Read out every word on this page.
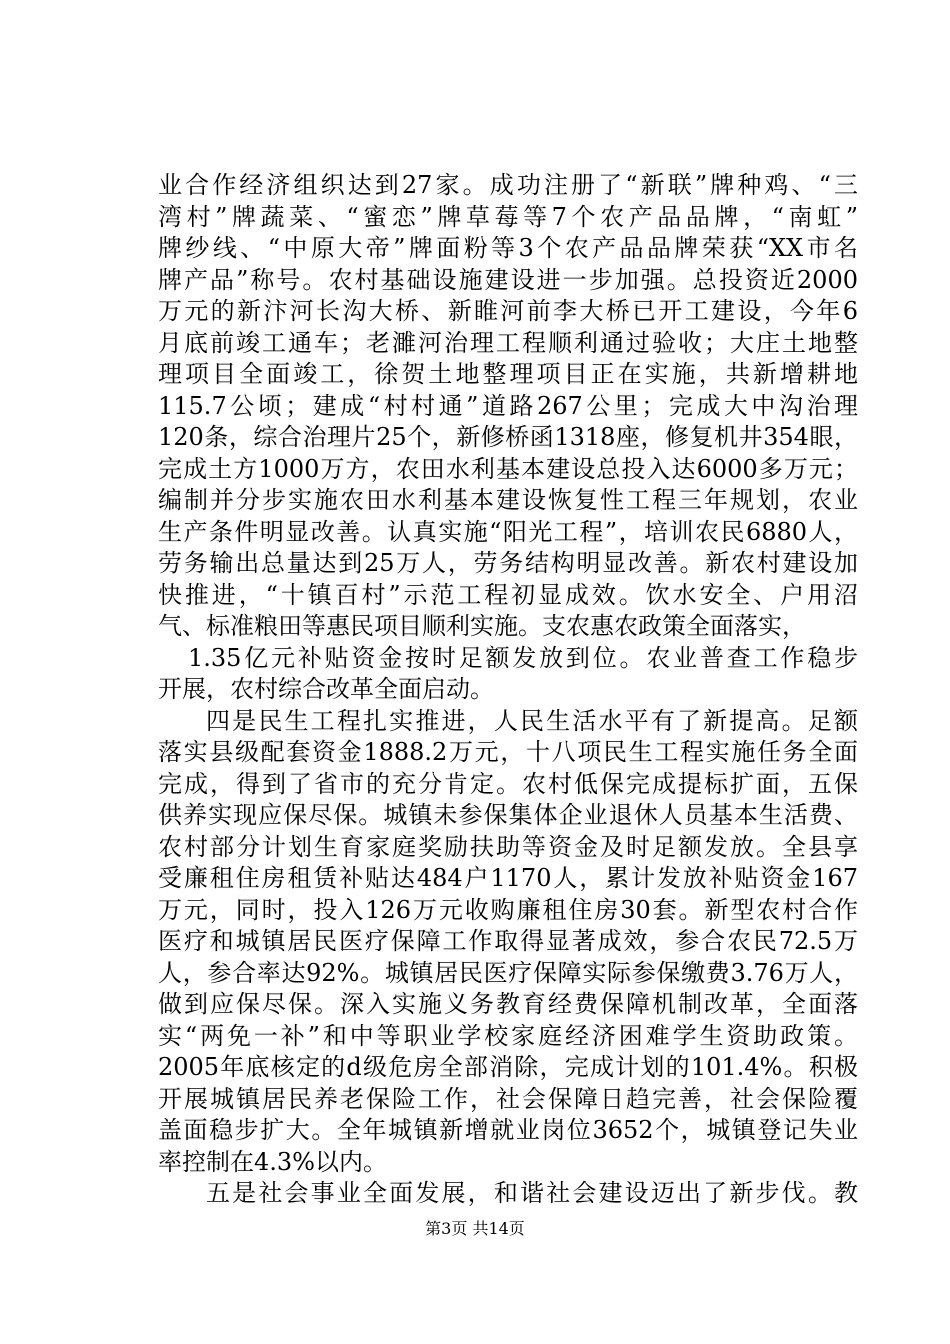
业合作经济组织达到27家。成功注册了“新联”牌种鸡、“三
湾村”牌蔬菜、“蜜恋”牌草莓等7个农产品品牌，“南虹”
牌纱线、“中原大帝”牌面粉等3个农产品品牌荣获“XX市名
牌产品”称号。农村基础设施建设进一步加强。总投资近2000
万元的新汴河长沟大桥、新睢河前李大桥已开工建设，今年6
月底前竣工通车；老濉河治理工程顺利通过验收；大庄土地整
理项目全面竣工，徐贺土地整理项目正在实施，共新增耕地
115.7公顷；建成“村村通”道路267公里；完成大中沟治理
120条，综合治理片25个，新修桥函1318座，修复机井354眼，
完成土方1000万方，农田水利基本建设总投入达6000多万元；
编制并分步实施农田水利基本建设恢复性工程三年规划，农业
生产条件明显改善。认真实施“阳光工程”，培训农民6880人，
劳务输出总量达到25万人，劳务结构明显改善。新农村建设加
快推进，“十镇百村”示范工程初显成效。饮水安全、户用沼
气、标准粮田等惠民项目顺利实施。支农惠农政策全面落实，
1.35亿元补贴资金按时足额发放到位。农业普查工作稳步
开展，农村综合改革全面启动。
四是民生工程扎实推进，人民生活水平有了新提高。足额
落实县级配套资金1888.2万元，十八项民生工程实施任务全面
完成，得到了省市的充分肯定。农村低保完成提标扩面，五保
供养实现应保尽保。城镇未参保集体企业退休人员基本生活费、
农村部分计划生育家庭奖励扶助等资金及时足额发放。全县享
受廉租住房租赁补贴达484户1170人，累计发放补贴资金167
万元，同时，投入126万元收购廉租住房30套。新型农村合作
医疗和城镇居民医疗保障工作取得显著成效，参合农民72.5万
人，参合率达92%。城镇居民医疗保障实际参保缴费3.76万人，
做到应保尽保。深入实施义务教育经费保障机制改革，全面落
实“两免一补”和中等职业学校家庭经济困难学生资助政策。
2005年底核定的d级危房全部消除，完成计划的101.4%。积极
开展城镇居民养老保险工作，社会保障日趋完善，社会保险覆
盖面稳步扩大。全年城镇新增就业岗位3652个，城镇登记失业
率控制在4.3%以内。
五是社会事业全面发展，和谐社会建设迈出了新步伐。教
第3页 共14页
